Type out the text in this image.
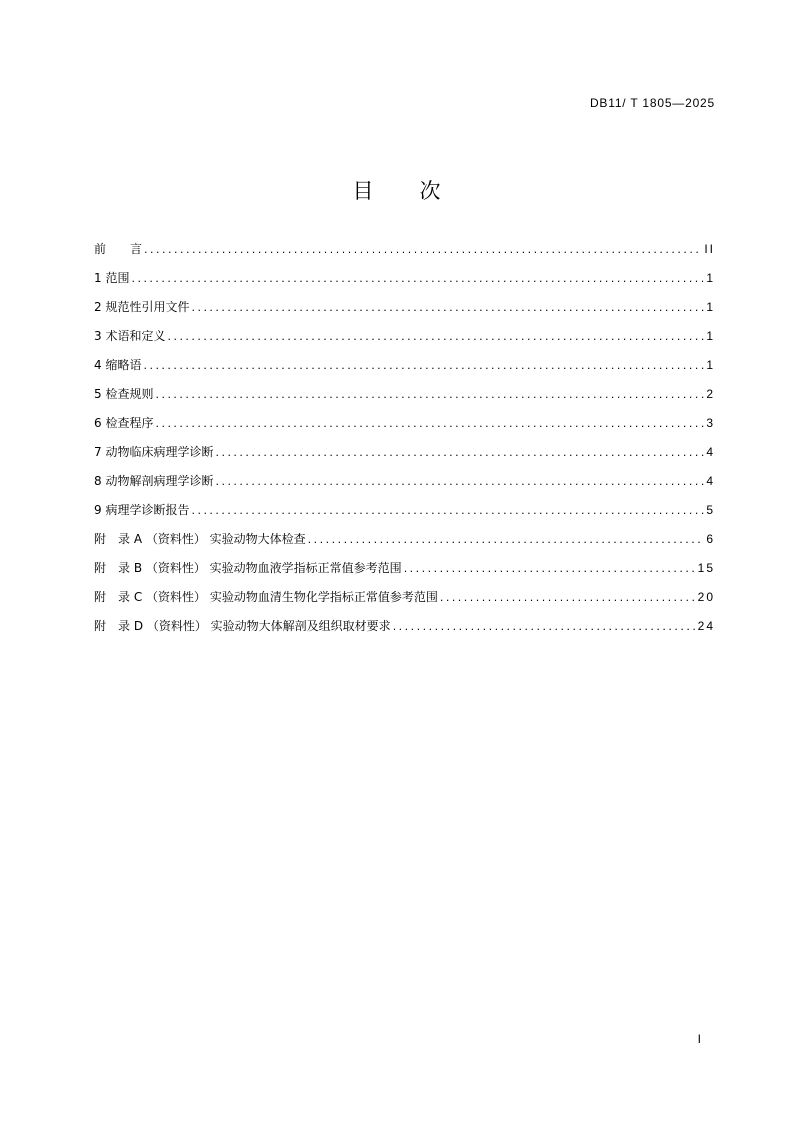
DB11/ T 1805—2025
目 次
前　　言 . . .	II
1 范围 . . .	1
2 规范性引用文件 . . .	1
3 术语和定义 . . .	1
4 缩略语 . . .	1
5 检查规则 . . .	2
6 检查程序 . . .	3
7 动物临床病理学诊断 . . .	4
8 动物解剖病理学诊断 . . .	4
9 病理学诊断报告 . . .	5
附　录 A （资料性） 实验动物大体检查 . . .	6
附　录 B （资料性） 实验动物血液学指标正常值参考范围 . . .	15
附　录 C （资料性） 实验动物血清生物化学指标正常值参考范围 . . .	20
附　录 D （资料性） 实验动物大体解剖及组织取材要求 . . .	24
I
